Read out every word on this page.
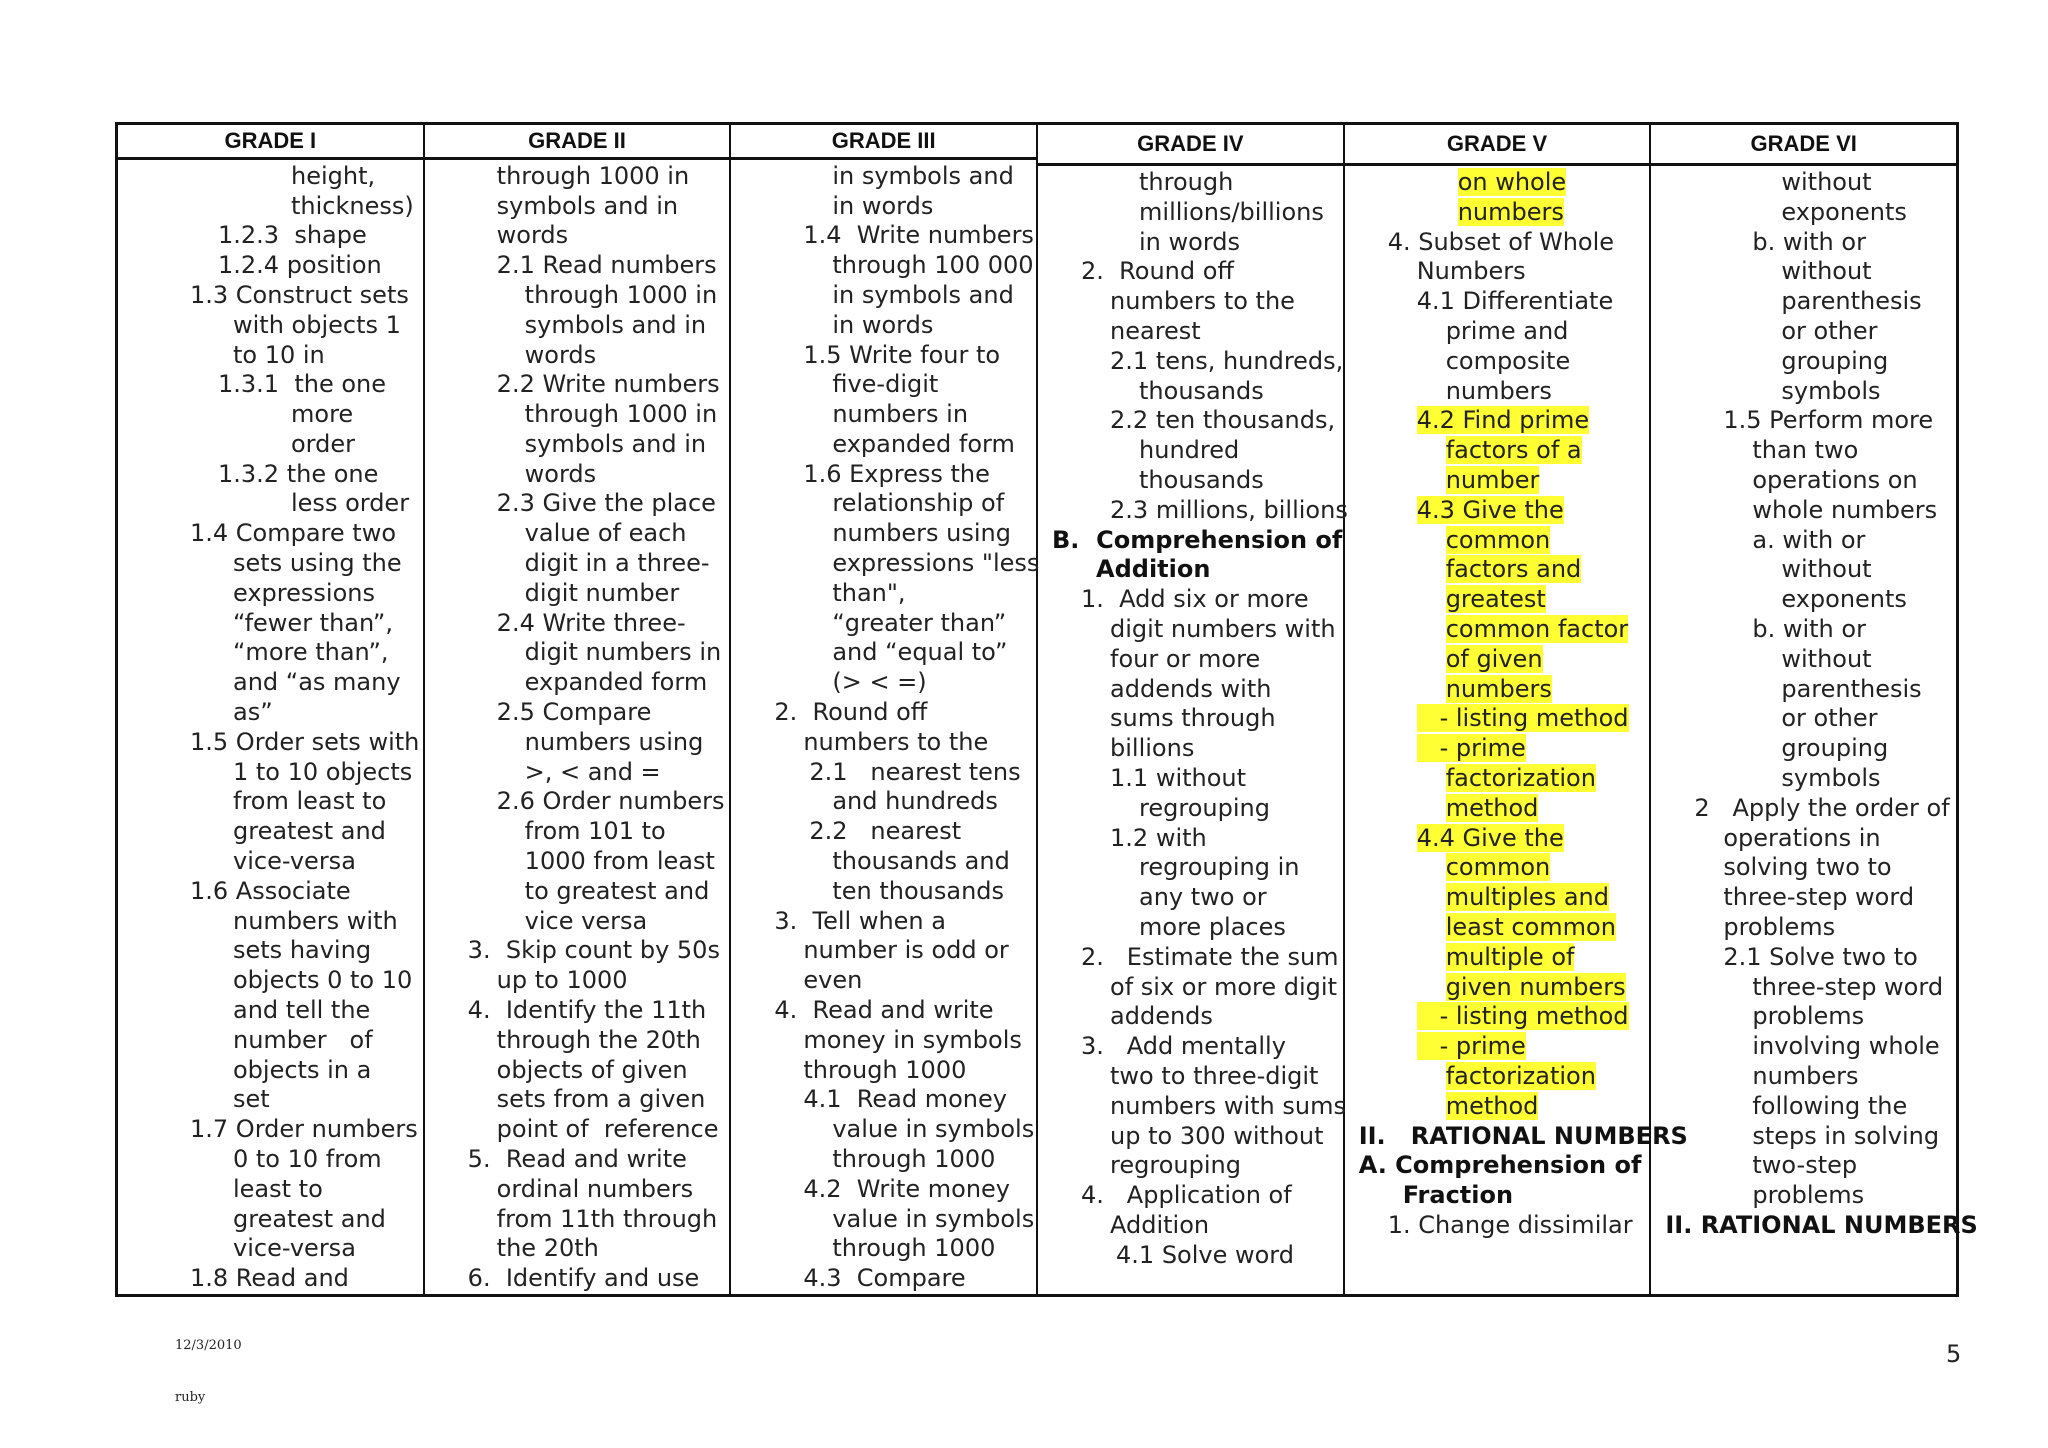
GRADE I
height,
thickness)
1.2.3  shape
1.2.4 position
1.3 Construct sets
with objects 1
to 10 in
1.3.1  the one
more
order
1.3.2 the one
less order
1.4 Compare two
sets using the
expressions
“fewer than”,
“more than”,
and “as many
as”
1.5 Order sets with
1 to 10 objects
from least to
greatest and
vice-versa
1.6 Associate
numbers with
sets having
objects 0 to 10
and tell the
number   of
objects in a
set
1.7 Order numbers
0 to 10 from
least to
greatest and
vice-versa
1.8 Read and
GRADE II
through 1000 in
symbols and in
words
2.1 Read numbers
through 1000 in
symbols and in
words
2.2 Write numbers
through 1000 in
symbols and in
words
2.3 Give the place
value of each
digit in a three-
digit number
2.4 Write three-
digit numbers in
expanded form
2.5 Compare
numbers using
>, < and =
2.6 Order numbers
from 101 to
1000 from least
to greatest and
vice versa
3.  Skip count by 50s
up to 1000
4.  Identify the 11th
through the 20th
objects of given
sets from a given
point of  reference
5.  Read and write
ordinal numbers
from 11th through
the 20th
6.  Identify and use
GRADE III
in symbols and
in words
1.4  Write numbers
through 100 000
in symbols and
in words
1.5 Write four to
five-digit
numbers in
expanded form
1.6 Express the
relationship of
numbers using
expressions "less
than",
“greater than”
and “equal to”
(> < =)
2.  Round off
numbers to the
2.1   nearest tens
and hundreds
2.2   nearest
thousands and
ten thousands
3.  Tell when a
number is odd or
even
4.  Read and write
money in symbols
through 1000
4.1  Read money
value in symbols
through 1000
4.2  Write money
value in symbols
through 1000
4.3  Compare
GRADE IV
through
millions/billions
in words
2.  Round off
numbers to the
nearest
2.1 tens, hundreds,
thousands
2.2 ten thousands,
hundred
thousands
2.3 millions, billions
B.  Comprehension of
Addition
1.  Add six or more
digit numbers with
four or more
addends with
sums through
billions
1.1 without
regrouping
1.2 with
regrouping in
any two or
more places
2.   Estimate the sum
of six or more digit
addends
3.   Add mentally
two to three-digit
numbers with sums
up to 300 without
regrouping
4.   Application of
Addition
4.1 Solve word
GRADE V
on whole
numbers
4. Subset of Whole
Numbers
4.1 Differentiate
prime and
composite
numbers
4.2 Find prime
factors of a
number
4.3 Give the
common
factors and
greatest
common factor
of given
numbers
- listing method
- prime
factorization
method
4.4 Give the
common
multiples and
least common
multiple of
given numbers
- listing method
- prime
factorization
method
II.   RATIONAL NUMBERS
A. Comprehension of
Fraction
1. Change dissimilar
GRADE VI
without
exponents
b. with or
without
parenthesis
or other
grouping
symbols
1.5 Perform more
than two
operations on
whole numbers
a. with or
without
exponents
b. with or
without
parenthesis
or other
grouping
symbols
2   Apply the order of
operations in
solving two to
three-step word
problems
2.1 Solve two to
three-step word
problems
involving whole
numbers
following the
steps in solving
two-step
problems
II. RATIONAL NUMBERS
12/3/2010
ruby
5
